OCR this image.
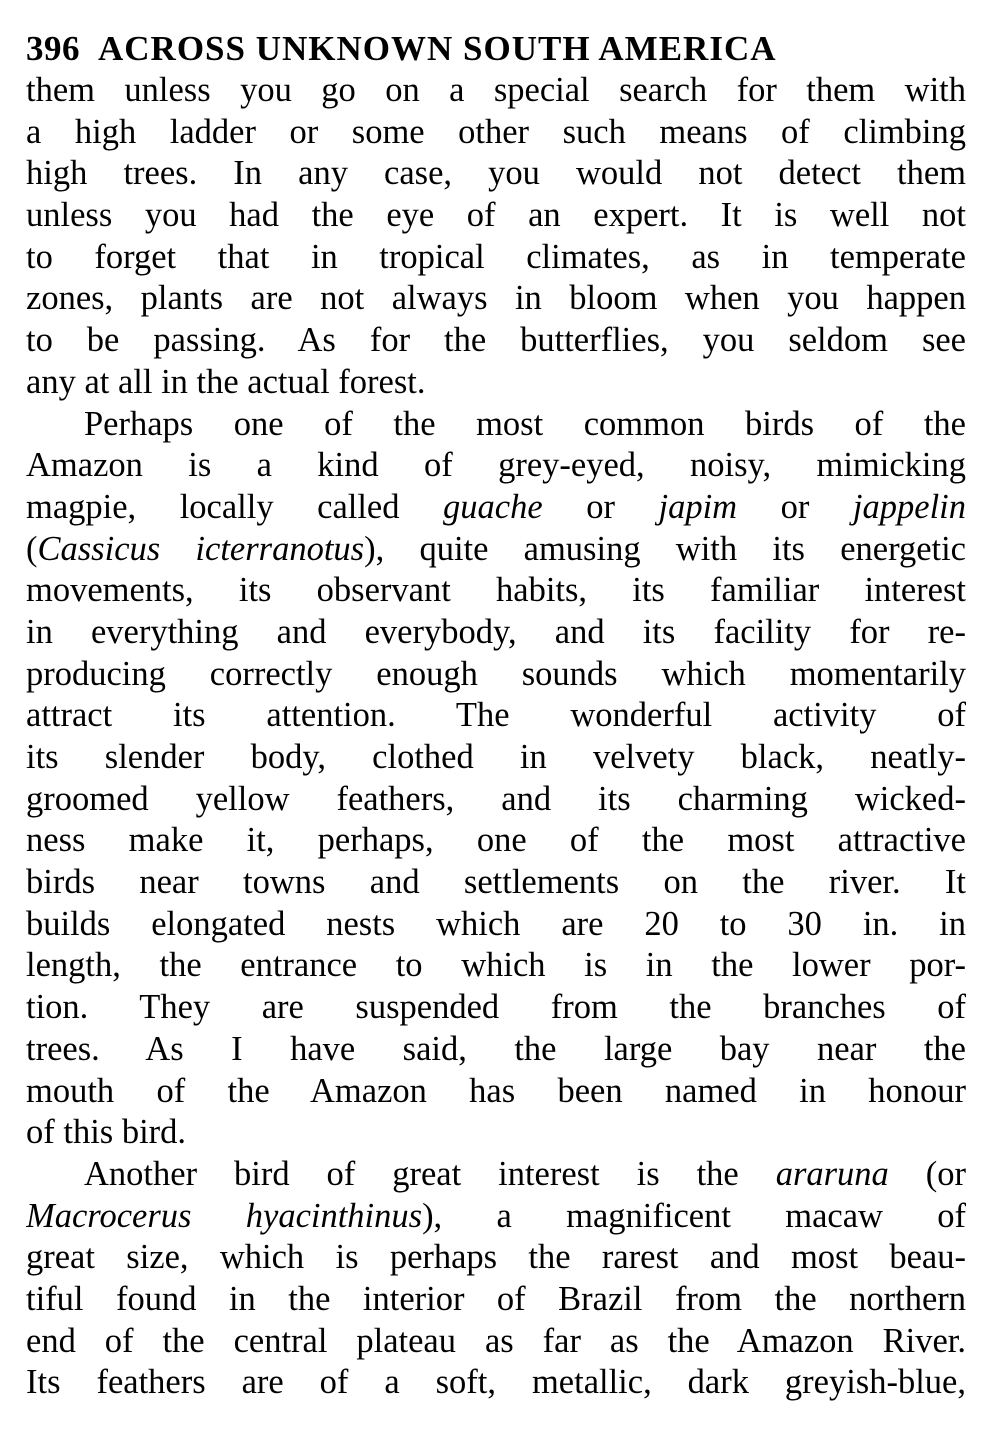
396 ACROSS UNKNOWN SOUTH AMERICA
them unless you go on a special search for them with
a high ladder or some other such means of climbing
high trees. In any case, you would not detect them
unless you had the eye of an expert. It is well not
to forget that in tropical climates, as in temperate
zones, plants are not always in bloom when you happen
to be passing. As for the butterflies, you seldom see
any at all in the actual forest.
Perhaps one of the most common birds of the
Amazon is a kind of grey-eyed, noisy, mimicking
magpie, locally called guache or japim or jappelin
(Cassicus icterranotus), quite amusing with its energetic
movements, its observant habits, its familiar interest
in everything and everybody, and its facility for re-
producing correctly enough sounds which momentarily
attract its attention. The wonderful activity of
its slender body, clothed in velvety black, neatly-
groomed yellow feathers, and its charming wicked-
ness make it, perhaps, one of the most attractive
birds near towns and settlements on the river. It
builds elongated nests which are 20 to 30 in. in
length, the entrance to which is in the lower por-
tion. They are suspended from the branches of
trees. As I have said, the large bay near the
mouth of the Amazon has been named in honour
of this bird.
Another bird of great interest is the araruna (or
Macrocerus hyacinthinus), a magnificent macaw of
great size, which is perhaps the rarest and most beau-
tiful found in the interior of Brazil from the northern
end of the central plateau as far as the Amazon River.
Its feathers are of a soft, metallic, dark greyish-blue,
